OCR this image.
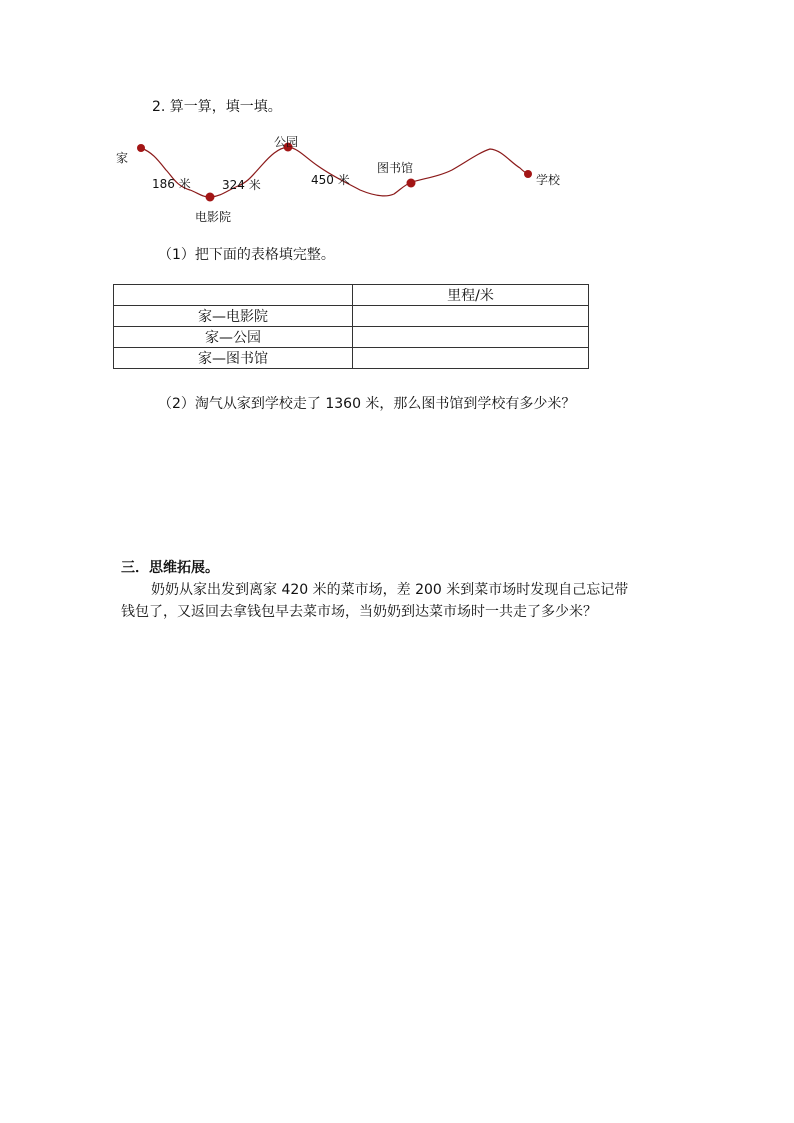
2. 算一算，填一填。
家
电影院
公园
图书馆
学校
186 米	324 米	450 米
（1）把下面的表格填完整。
	里程/米
家—电影院	
家—公园	
家—图书馆	
（2）淘气从家到学校走了 1360 米，那么图书馆到学校有多少米？
三．思维拓展。
奶奶从家出发到离家 420 米的菜市场，差 200 米到菜市场时发现自己忘记带
钱包了，又返回去拿钱包早去菜市场，当奶奶到达菜市场时一共走了多少米？
